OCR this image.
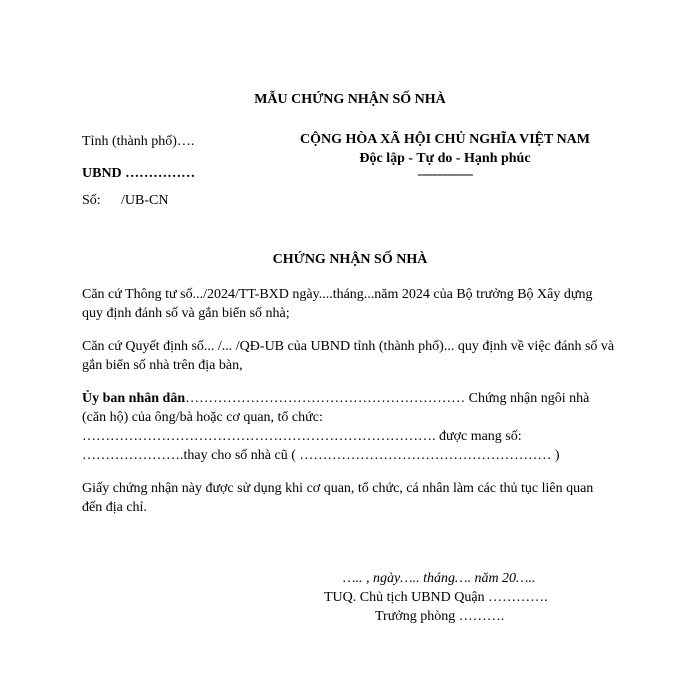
MẪU CHỨNG NHẬN SỐ NHÀ
Tỉnh (thành phố)….
UBND ……………
Số: /UB-CN
CỘNG HÒA XÃ HỘI CHỦ NGHĨA VIỆT NAM
Độc lập - Tự do - Hạnh phúc
---------------
CHỨNG NHẬN SỐ NHÀ
Căn cứ Thông tư số.../2024/TT-BXD ngày....tháng...năm 2024 của Bộ trưởng Bộ Xây dựng quy định đánh số và gắn biển số nhà;
Căn cứ Quyết định số... /... /QĐ-UB của UBND tỉnh (thành phố)... quy định về việc đánh số và gắn biển số nhà trên địa bàn,
Ủy ban nhân dân…………………………………………………… Chứng nhận ngôi nhà (căn hộ) của ông/bà hoặc cơ quan, tổ chức:
…………………………………………………………………. được mang số:
………………….thay cho số nhà cũ ( ……………………………………………… )
Giấy chứng nhận này được sử dụng khi cơ quan, tổ chức, cá nhân làm các thủ tục liên quan đến địa chỉ.
….. , ngày….. tháng…. năm 20…..
TUQ. Chủ tịch UBND Quận ………….
Trưởng phòng ……….
